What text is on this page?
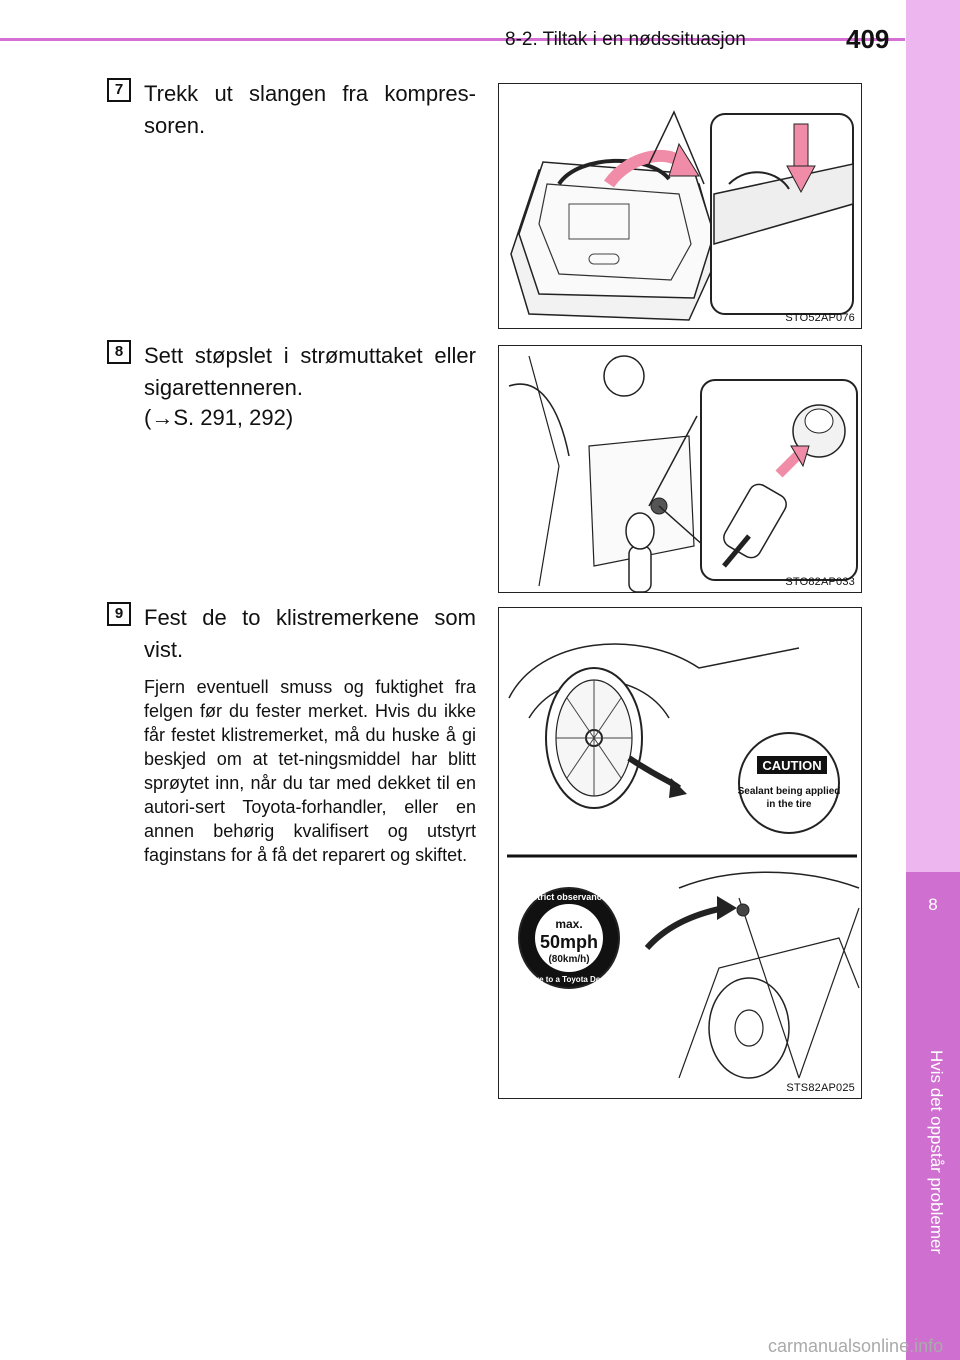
8-2. Tiltak i en nødssituasjon	409
8
Hvis det oppstår problemer
7 Trekk ut slangen fra kompres-soren.
STO52AP076
8 Sett støpslet i strømuttaket eller sigarettenneren.
(→S. 291, 292)
STO82AP033
9 Fest de to klistremerkene som vist.
Fjern eventuell smuss og fuktighet fra felgen før du fester merket. Hvis du ikke får festet klistremerket, må du huske å gi beskjed om at tet-ningsmiddel har blitt sprøytet inn, når du tar med dekket til en autori-sert Toyota-forhandler, eller en annen behørig kvalifisert og utstyrt faginstans for å få det reparert og skiftet.
CAUTION
Sealant being applied
in the tire
Strict observance
Drive to a Toyota Dealer
max.
50mph
(80km/h)
STS82AP025
carmanualsonline.info
